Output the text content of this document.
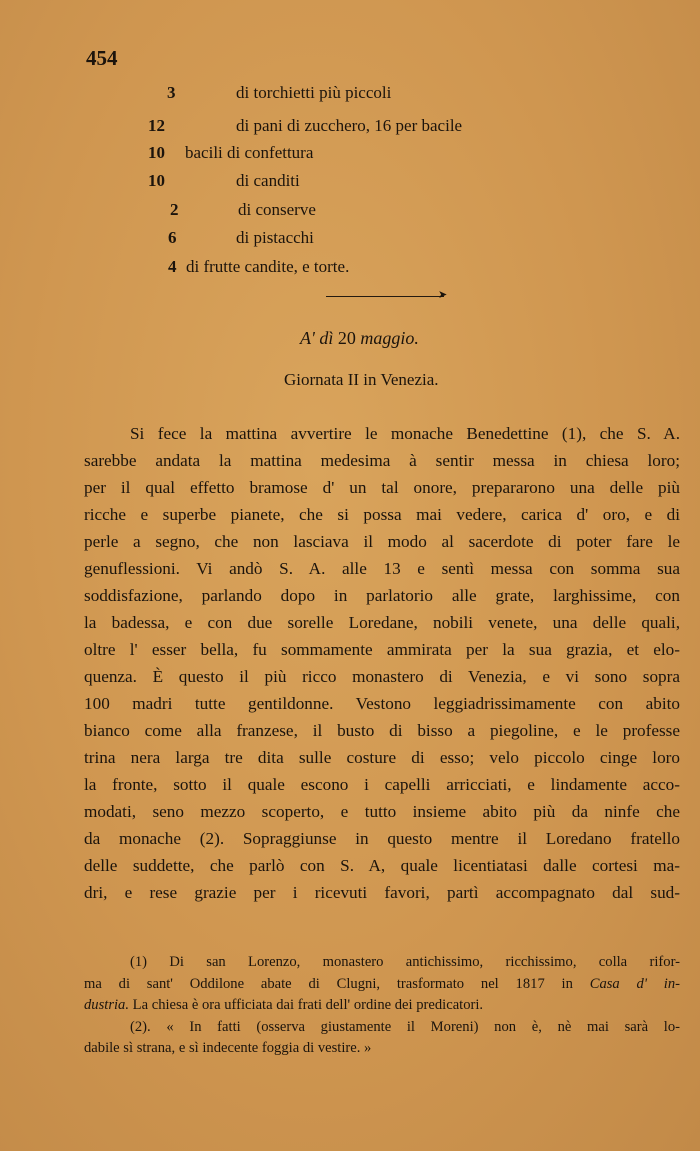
454
3	di torchietti più piccoli
12	di pani di zucchero, 16 per bacile
10 bacili di confettura
10	di canditi
2	di conserve
6	di pistacchi
4 di frutte candite, e torte.
➤
A' dì 20 maggio.
Giornata II in Venezia.
Si fece la mattina avvertire le monache Benedettine (1), che S. A.
sarebbe andata la mattina medesima à sentir messa in chiesa loro;
per il qual effetto bramose d' un tal onore, prepararono una delle più
ricche e superbe pianete, che si possa mai vedere, carica d' oro, e di
perle a segno, che non lasciava il modo al sacerdote di poter fare le
genuflessioni. Vi andò S. A. alle 13 e sentì messa con somma sua
soddisfazione, parlando dopo in parlatorio alle grate, larghissime, con
la badessa, e con due sorelle Loredane, nobili venete, una delle quali,
oltre l' esser bella, fu sommamente ammirata per la sua grazia, et elo-
quenza. È questo il più ricco monastero di Venezia, e vi sono sopra
100 madri tutte gentildonne. Vestono leggiadrissimamente con abito
bianco come alla franzese, il busto di bisso a piegoline, e le professe
trina nera larga tre dita sulle costure di esso; velo piccolo cinge loro
la fronte, sotto il quale escono i capelli arricciati, e lindamente acco-
modati, seno mezzo scoperto, e tutto insieme abito più da ninfe che
da monache (2). Sopraggiunse in questo mentre il Loredano fratello
delle suddette, che parlò con S. A, quale licentiatasi dalle cortesi ma-
dri, e rese grazie per i ricevuti favori, partì accompagnato dal sud-
(1) Di san Lorenzo, monastero antichissimo, ricchissimo, colla rifor-
ma di sant' Oddilone abate di Clugni, trasformato nel 1817 in Casa d' in-
dustria. La chiesa è ora ufficiata dai frati dell' ordine dei predicatori.
(2). « In fatti (osserva giustamente il Moreni) non è, nè mai sarà lo-
dabile sì strana, e sì indecente foggia di vestire. »
